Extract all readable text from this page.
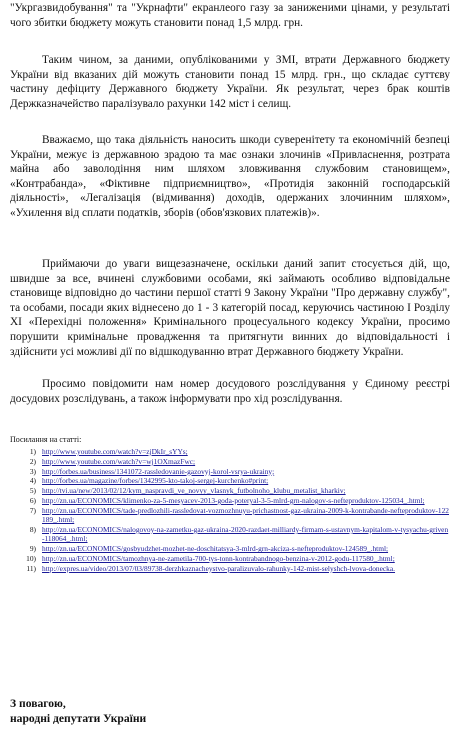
"Укргазвидобування" та "Укрнафти" екранлеого газу за заниженими цінами, у результаті чого збитки бюджету можуть становити понад 1,5 млрд. грн.

Таким чином, за даними, опублікованими у ЗМІ, втрати Державного бюджету України від вказаних дій можуть становити понад 15 млрд. грн., що складає суттєву частину дефіциту Державного бюджету України. Як результат, через брак коштів Держказначейство паралізувало рахунки 142 міст і селищ.

Вважаємо, що така діяльність наносить шкоди суверенітету та економічній безпеці України, межує із державною зрадою та має ознаки злочинів «Привласнення, розтрата майна або заволодіння ним шляхом зловживання службовим становищем», «Контрабанда», «Фіктивне підприємництво», «Протидія законній господарській діяльності», «Легалізація (відмивання) доходів, одержаних злочинним шляхом», «Ухилення від сплати податків, зборів (обов'язкових платежів)».

Приймаючи до уваги вищезазначене, оскільки даний запит стосується дій, що, швидше за все, вчинені службовими особами, які займають особливо відповідальне становище відповідно до частини першої статті 9 Закону України "Про державну службу", та особами, посади яких віднесено до 1 - 3 категорій посад, керуючись частиною І Розділу ХІ «Перехідні положення» Кримінального процесуального кодексу України, просимо порушити кримінальне провадження та притягнути винних до відповідальності і здійснити усі можливі дії по відшкодуванню втрат Державного бюджету України.

Просимо повідомити нам номер досудового розслідування у Єдиному реєстрі досудових розслідувань, а також інформувати про хід розслідування.

Посилання на статті:
1) http://www.youtube.com/watch?v=zjDkIr_sYYs;
2) http://www.youtube.com/watch?v=wj1OXmazFwc;
3) http://forbes.ua/business/1341072-rassledovanie-gazovyj-korol-vsrya-ukrainy;
4) http://forbes.ua/magazine/forbes/1342995-kto-takoj-sergej-kurchenko#print;
5) http://tvi.ua/new/2013/02/12/kym_naspravdi_ve_novyy_vlasnyk_futbolnoho_klubu_metalist_kharkiv;
6) http://zn.ua/ECONOMICS/klimenko-za-5-mesyacev-2013-goda-poteryal-3-5-mlrd-grn-nalogov-s-nefteproduktov-125034_.html;
7) http://zn.ua/ECONOMICS/tade-predlozhili-rassledovat-vozmozhnuyu-prichastnost-gaz-ukraina-2009-k-kontrabande-nefteproduktov-122189_.html;
8) http://zn.ua/ECONOMICS/nalogovoy-na-zametku-gaz-ukraina-2020-razdaet-milliardy-firmam-s-ustavnym-kapitalom-v-tysyachu-griven-118064_.html;
9) http://zn.ua/ECONOMICS/gosbyudzhet-mozhet-ne-doschitatsya-3-mlrd-grn-akciza-s-nefteproduktov-124589_.html;
10) http://zn.ua/ECONOMICS/tamozhnya-ne-zametila-700-tys-tonn-kontrabandnogo-benzina-v-2012-godu-117580_.html;
11) http://expres.ua/video/2013/07/03/89738-derzhkaznacheystvo-paralizuvalo-rahunky-142-mist-selyshch-lvova-donecka.
З повагою,
народні депутати України
